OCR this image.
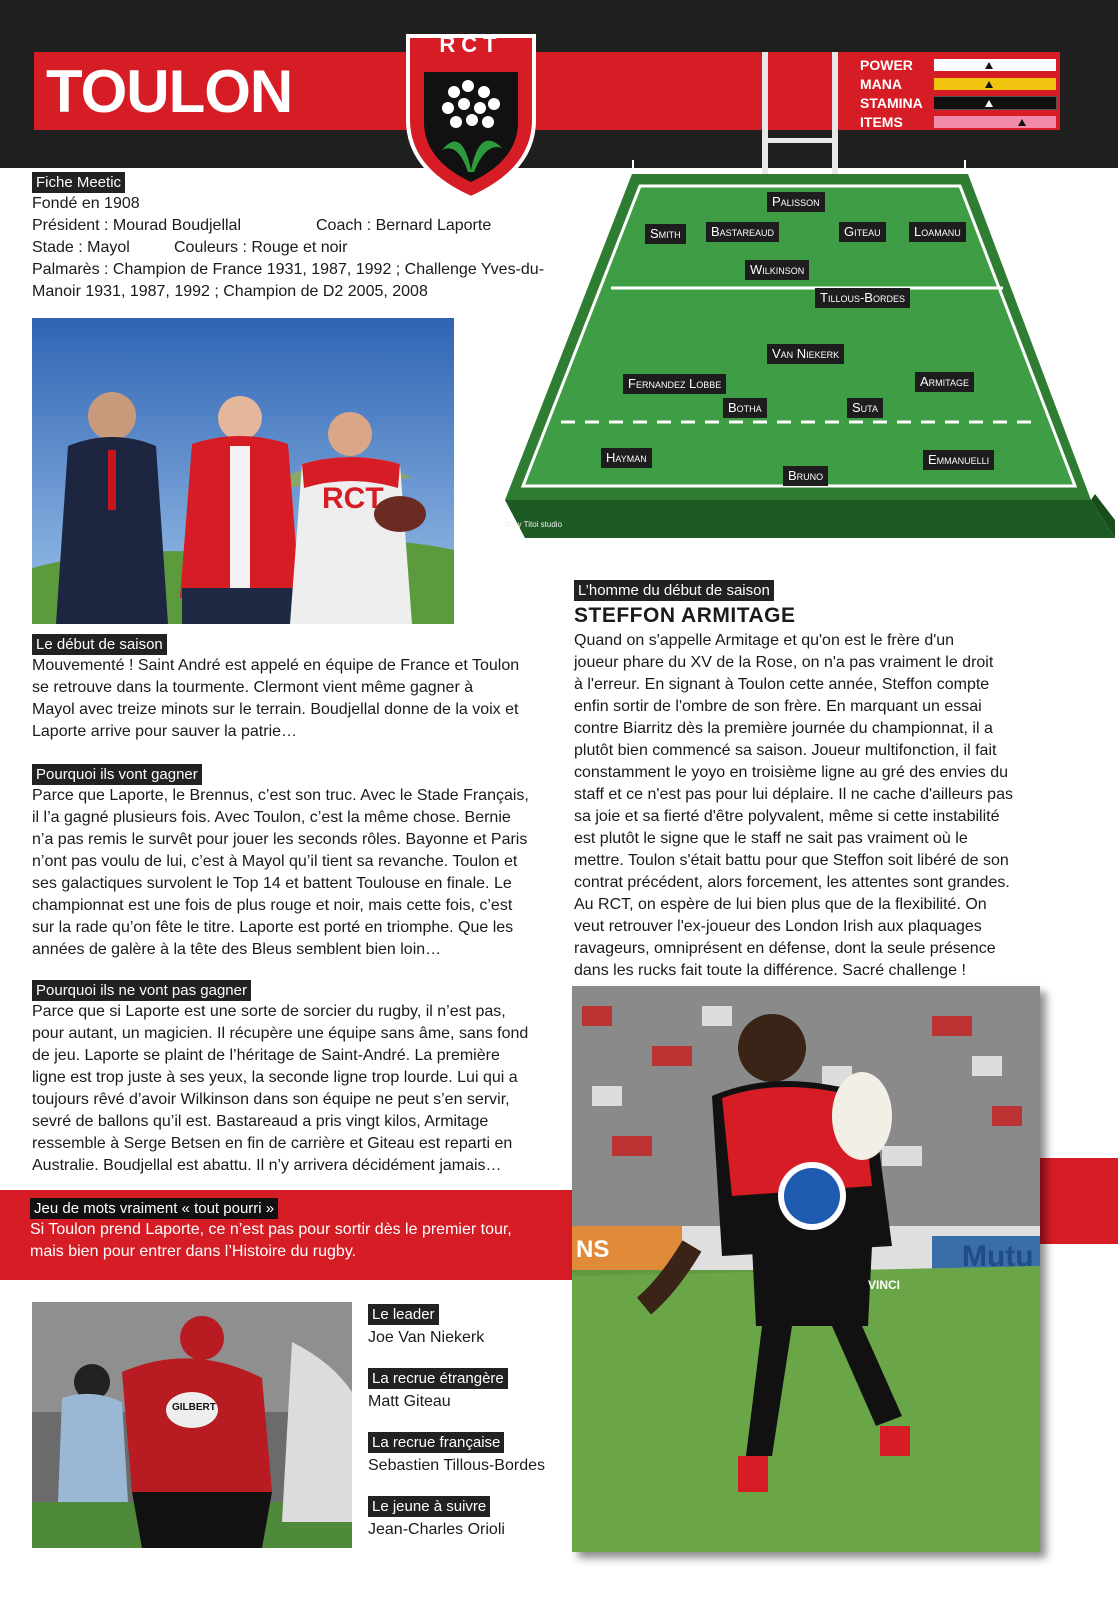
TOULON
RCT
POWER
MANA
STAMINA
ITEMS
Fiche Meetic
Fondé en 1908
Président : Mourad Boudjellal	Coach : Bernard Laporte
Stade : Mayol	Couleurs : Rouge et noir
Palmarès : Champion de France 1931, 1987, 1992 ; Challenge Yves-du-
Manoir 1931, 1987, 1992 ; Champion de D2 2005, 2008
Palisson
Smith	Bastareaud	Giteau	Loamanu
Wilkinson
Tillous-Bordes
Van Niekerk
Fernandez Lobbe	Armitage
Botha	Suta
Hayman
Bruno
Emmanuelli
© by Titoi studio
RCT
Le début de saison
Mouvementé ! Saint André est appelé en équipe de France et Toulon
se retrouve dans la tourmente. Clermont vient même gagner à
Mayol avec treize minots sur le terrain. Boudjellal donne de la voix et
Laporte arrive pour sauver la patrie…
Pourquoi ils vont gagner
Parce que Laporte, le Brennus, c’est son truc. Avec le Stade Français,
il l’a gagné plusieurs fois. Avec Toulon, c’est la même chose. Bernie
n’a pas remis le survêt pour jouer les seconds rôles. Bayonne et Paris
n’ont pas voulu de lui, c’est à Mayol qu’il tient sa revanche. Toulon et
ses galactiques survolent le Top 14 et battent Toulouse en finale. Le
championnat est une fois de plus rouge et noir, mais cette fois, c’est
sur la rade qu’on fête le titre. Laporte est porté en triomphe. Que les
années de galère à la tête des Bleus semblent bien loin…
Pourquoi ils ne vont pas gagner
Parce que si Laporte est une sorte de sorcier du rugby, il n’est pas,
pour autant, un magicien. Il récupère une équipe sans âme, sans fond
de jeu. Laporte se plaint de l’héritage de Saint-André. La première
ligne est trop juste à ses yeux, la seconde ligne trop lourde. Lui qui a
toujours rêvé d’avoir Wilkinson dans son équipe ne peut s’en servir,
sevré de ballons qu’il est. Bastareaud a pris vingt kilos, Armitage
ressemble à Serge Betsen en fin de carrière et Giteau est reparti en
Australie. Boudjellal est abattu. Il n’y arrivera décidément jamais…
Jeu de mots vraiment « tout pourri »
Si Toulon prend Laporte, ce n’est pas pour sortir dès le premier tour,
mais bien pour entrer dans l’Histoire du rugby.
L’homme du début de saison
STEFFON ARMITAGE
Quand on s'appelle Armitage et qu'on est le frère d'un
joueur phare du XV de la Rose, on n'a pas vraiment le droit
à l'erreur. En signant à Toulon cette année, Steffon compte
enfin sortir de l'ombre de son frère. En marquant un essai
contre Biarritz dès la première journée du championnat, il a
plutôt bien commencé sa saison. Joueur multifonction, il fait
constamment le yoyo en troisième ligne au gré des envies du
staff et ce n'est pas pour lui déplaire. Il ne cache d'ailleurs pas
sa joie et sa fierté d'être polyvalent, même si cette instabilité
est plutôt le signe que le staff ne sait pas vraiment où le
mettre. Toulon s'était battu pour que Steffon soit libéré de son
contrat précédent, alors forcement, les attentes sont grandes.
Au RCT, on espère de lui bien plus que de la flexibilité. On
veut retrouver l'ex-joueur des London Irish aux plaquages
ravageurs, omniprésent en défense, dont la seule présence
dans les rucks fait toute la différence. Sacré challenge !
VINCI
NS	Mutu
GILBERT
Le leader
Joe Van Niekerk
La recrue étrangère
Matt Giteau
La recrue française
Sebastien Tillous-Bordes
Le jeune à suivre
Jean-Charles Orioli
